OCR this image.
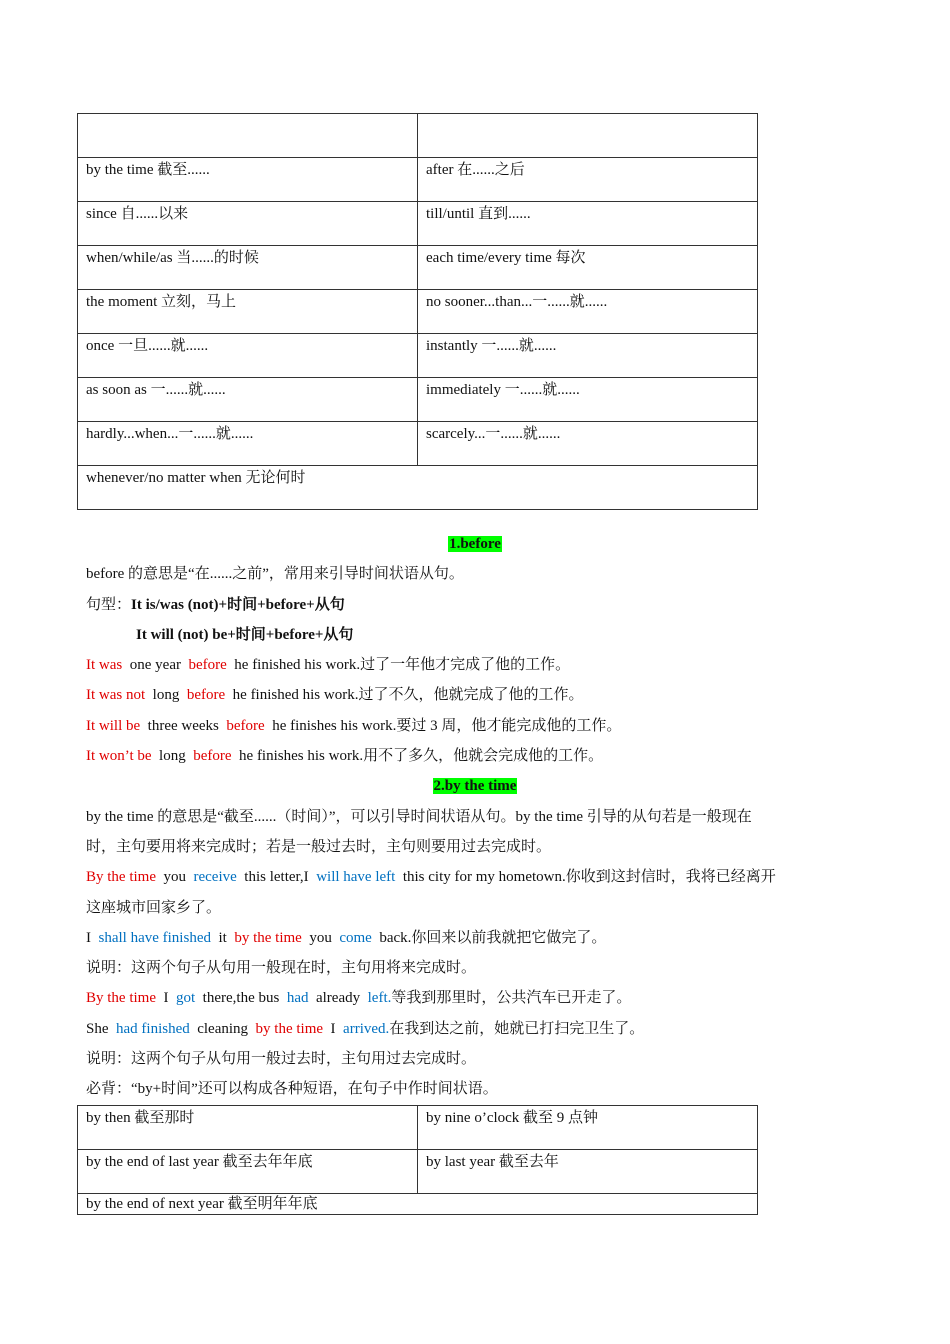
by the time 截至......	after 在......之后
since 自......以来	till/until 直到......
when/while/as 当......的时候	each time/every time 每次
the moment 立刻，马上	no sooner...than...一......就......
once 一旦......就......	instantly 一......就......
as soon as 一......就......	immediately 一......就......
hardly...when...一......就......	scarcely...一......就......
whenever/no matter when 无论何时	
1.before
before 的意思是“在......之前”，常用来引导时间状语从句。
句型：It is/was (not)+时间+before+从句
It will (not) be+时间+before+从句
It was  one year  before  he finished his work.过了一年他才完成了他的工作。
It was not  long  before  he finished his work.过了不久，他就完成了他的工作。
It will be  three weeks  before  he finishes his work.要过 3 周，他才能完成他的工作。
It won’t be  long  before  he finishes his work.用不了多久，他就会完成他的工作。
2.by the time
by the time 的意思是“截至......（时间）”，可以引导时间状语从句。by the time 引导的从句若是一般现在
时，主句要用将来完成时；若是一般过去时，主句则要用过去完成时。
By the time  you  receive  this letter,I  will have left  this city for my hometown.你收到这封信时，我将已经离开
这座城市回家乡了。
I  shall have finished  it  by the time  you  come  back.你回来以前我就把它做完了。
说明：这两个句子从句用一般现在时，主句用将来完成时。
By the time  I  got  there,the bus  had  already  left.等我到那里时，公共汽车已开走了。
She  had finished  cleaning  by the time  I  arrived.在我到达之前，她就已打扫完卫生了。
说明：这两个句子从句用一般过去时，主句用过去完成时。
必背：“by+时间”还可以构成各种短语，在句子中作时间状语。
by then 截至那时	by nine o’clock 截至 9 点钟
by the end of last year 截至去年年底	by last year 截至去年
by the end of next year 截至明年年底	
